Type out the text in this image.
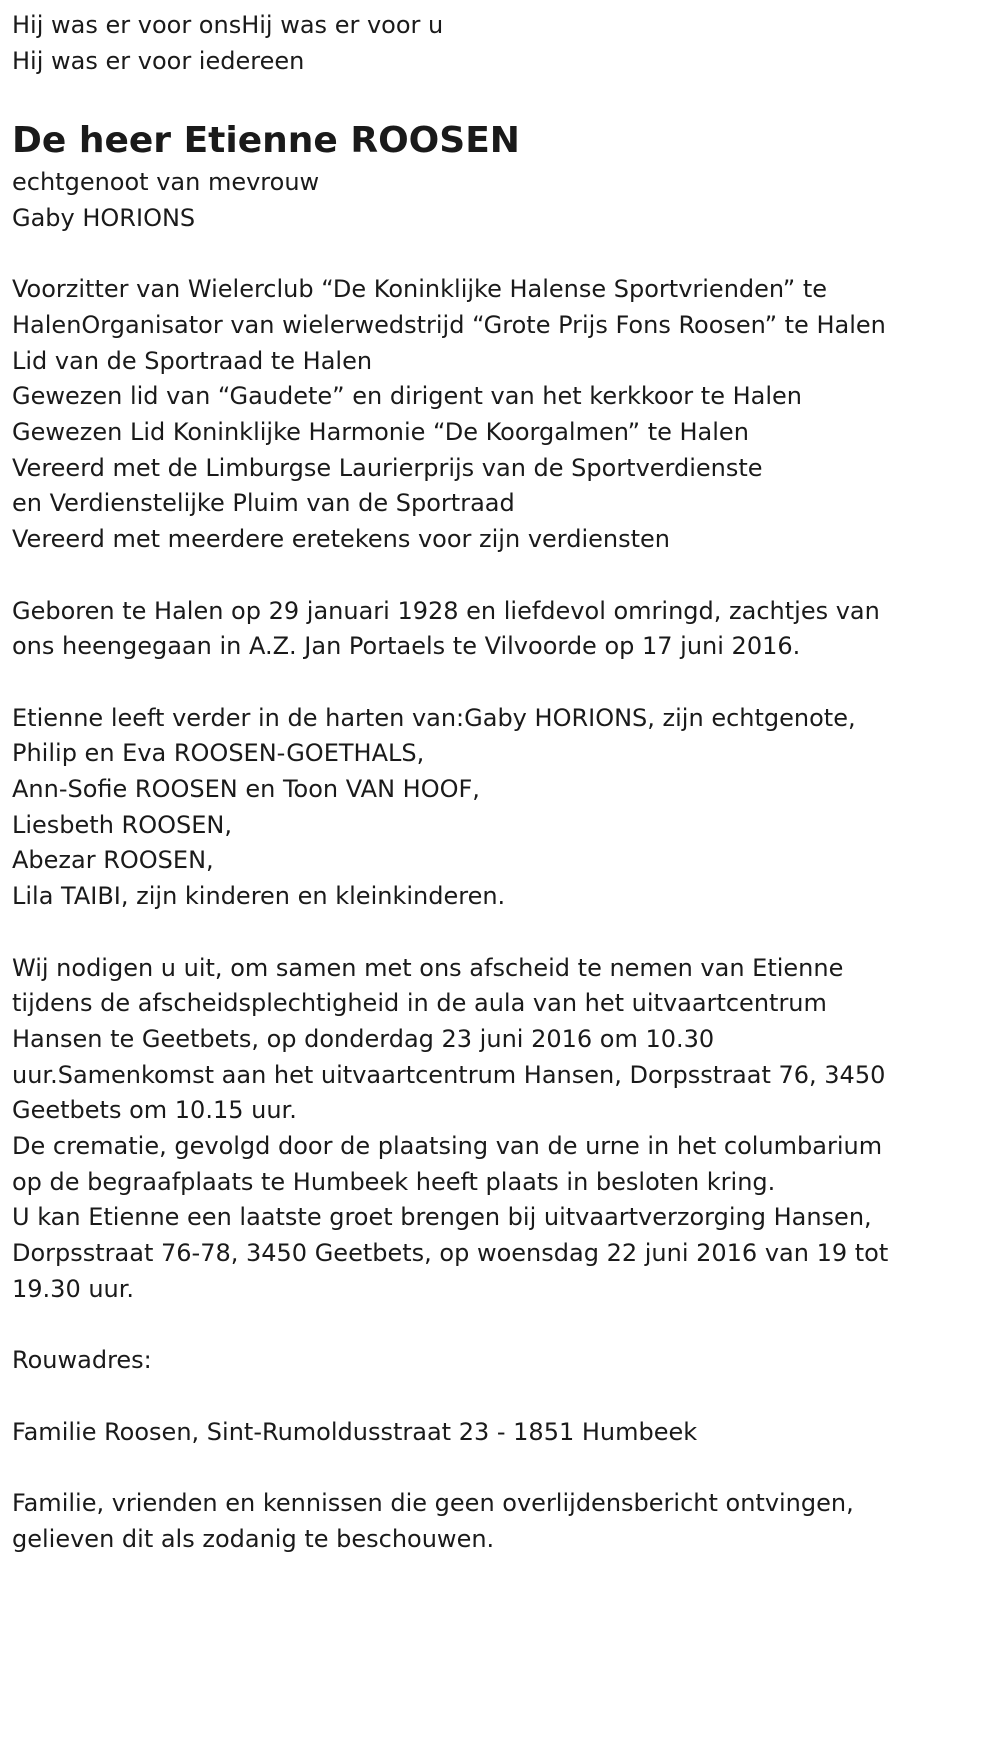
Hij was er voor onsHij was er voor u
Hij was er voor iedereen
De heer Etienne ROOSEN
echtgenoot van mevrouw
Gaby HORIONS
Voorzitter van Wielerclub “De Koninklijke Halense Sportvrienden” te
HalenOrganisator van wielerwedstrijd “Grote Prijs Fons Roosen” te Halen
Lid van de Sportraad te Halen
Gewezen lid van “Gaudete” en dirigent van het kerkkoor te Halen
Gewezen Lid Koninklijke Harmonie “De Koorgalmen” te Halen
Vereerd met de Limburgse Laurierprijs van de Sportverdienste
en Verdienstelijke Pluim van de Sportraad
Vereerd met meerdere eretekens voor zijn verdiensten
Geboren te Halen op 29 januari 1928 en liefdevol omringd, zachtjes van
ons heengegaan in A.Z. Jan Portaels te Vilvoorde op 17 juni 2016.
Etienne leeft verder in de harten van:Gaby HORIONS, zijn echtgenote,
Philip en Eva ROOSEN-GOETHALS,
Ann-Sofie ROOSEN en Toon VAN HOOF,
Liesbeth ROOSEN,
Abezar ROOSEN,
Lila TAIBI, zijn kinderen en kleinkinderen.
Wij nodigen u uit, om samen met ons afscheid te nemen van Etienne
tijdens de afscheidsplechtigheid in de aula van het uitvaartcentrum
Hansen te Geetbets, op donderdag 23 juni 2016 om 10.30
uur.Samenkomst aan het uitvaartcentrum Hansen, Dorpsstraat 76, 3450
Geetbets om 10.15 uur.
De crematie, gevolgd door de plaatsing van de urne in het columbarium
op de begraafplaats te Humbeek heeft plaats in besloten kring.
U kan Etienne een laatste groet brengen bij uitvaartverzorging Hansen,
Dorpsstraat 76-78, 3450 Geetbets, op woensdag 22 juni 2016 van 19 tot
19.30 uur.
Rouwadres:
Familie Roosen, Sint-Rumoldusstraat 23 - 1851 Humbeek
Familie, vrienden en kennissen die geen overlijdensbericht ontvingen,
gelieven dit als zodanig te beschouwen.
